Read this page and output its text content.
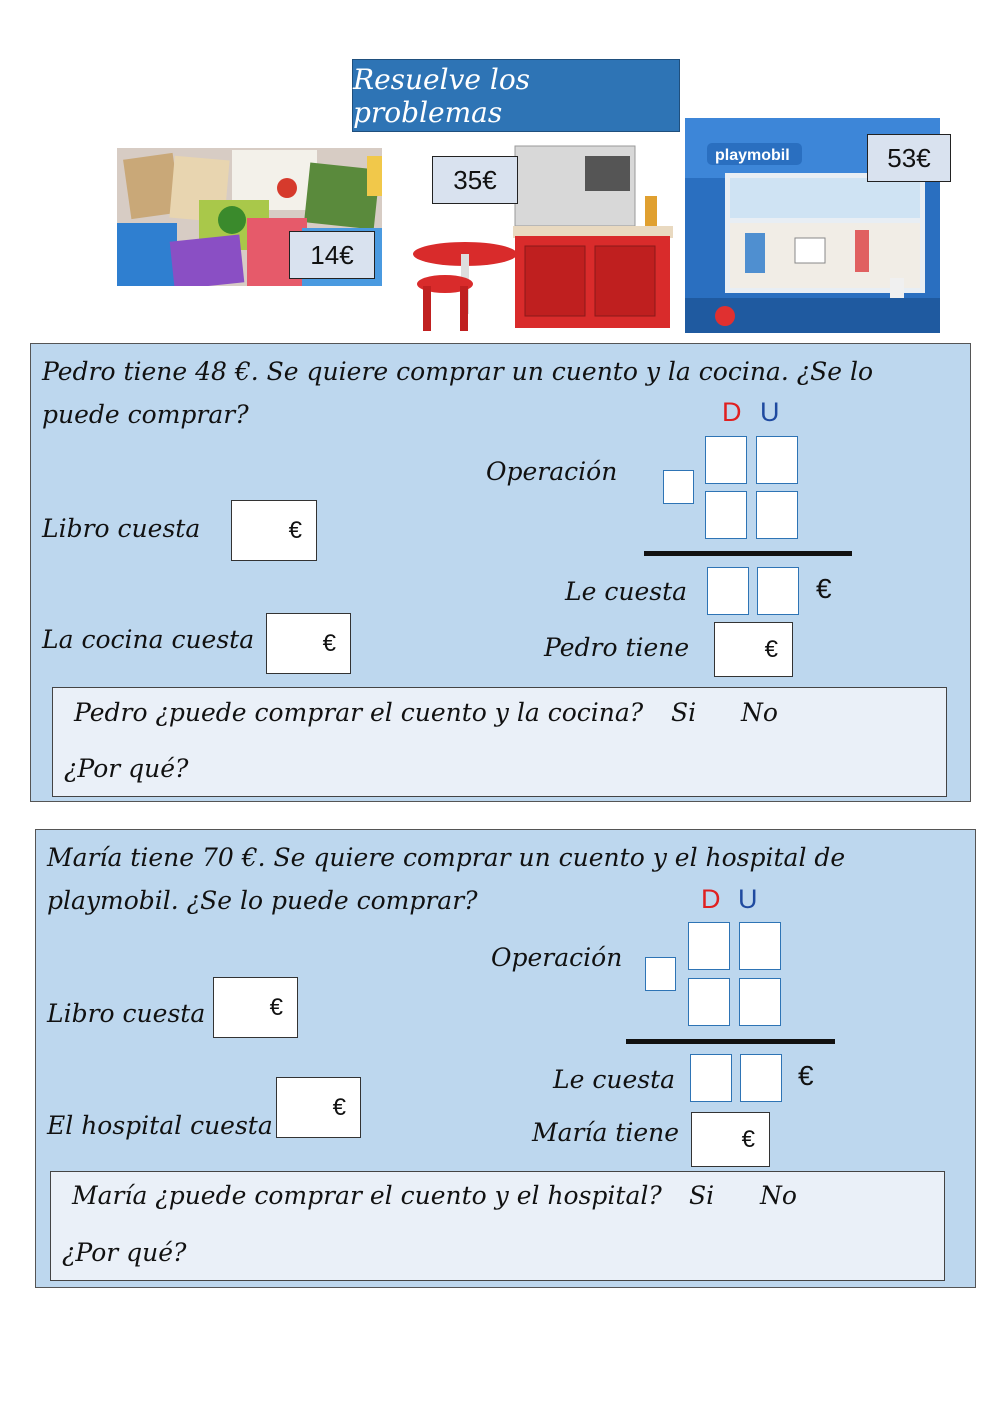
Resuelve los problemas
14€
35€
playmobil	53€
Pedro tiene 48 €. Se quiere comprar un cuento y la cocina. ¿Se lo
puede comprar?	D U
Operación
Libro cuesta	€
La cocina cuesta	€
Le cuesta	€
Pedro tiene	€
Pedro ¿puede comprar el cuento y la cocina? Si No
¿Por qué?
María tiene 70 €. Se quiere comprar un cuento y el hospital de
playmobil. ¿Se lo puede comprar?	D U
Operación
Libro cuesta	€
El hospital cuesta
€
Le cuesta	€
María tiene	€
María ¿puede comprar el cuento y el hospital? Si No
¿Por qué?
